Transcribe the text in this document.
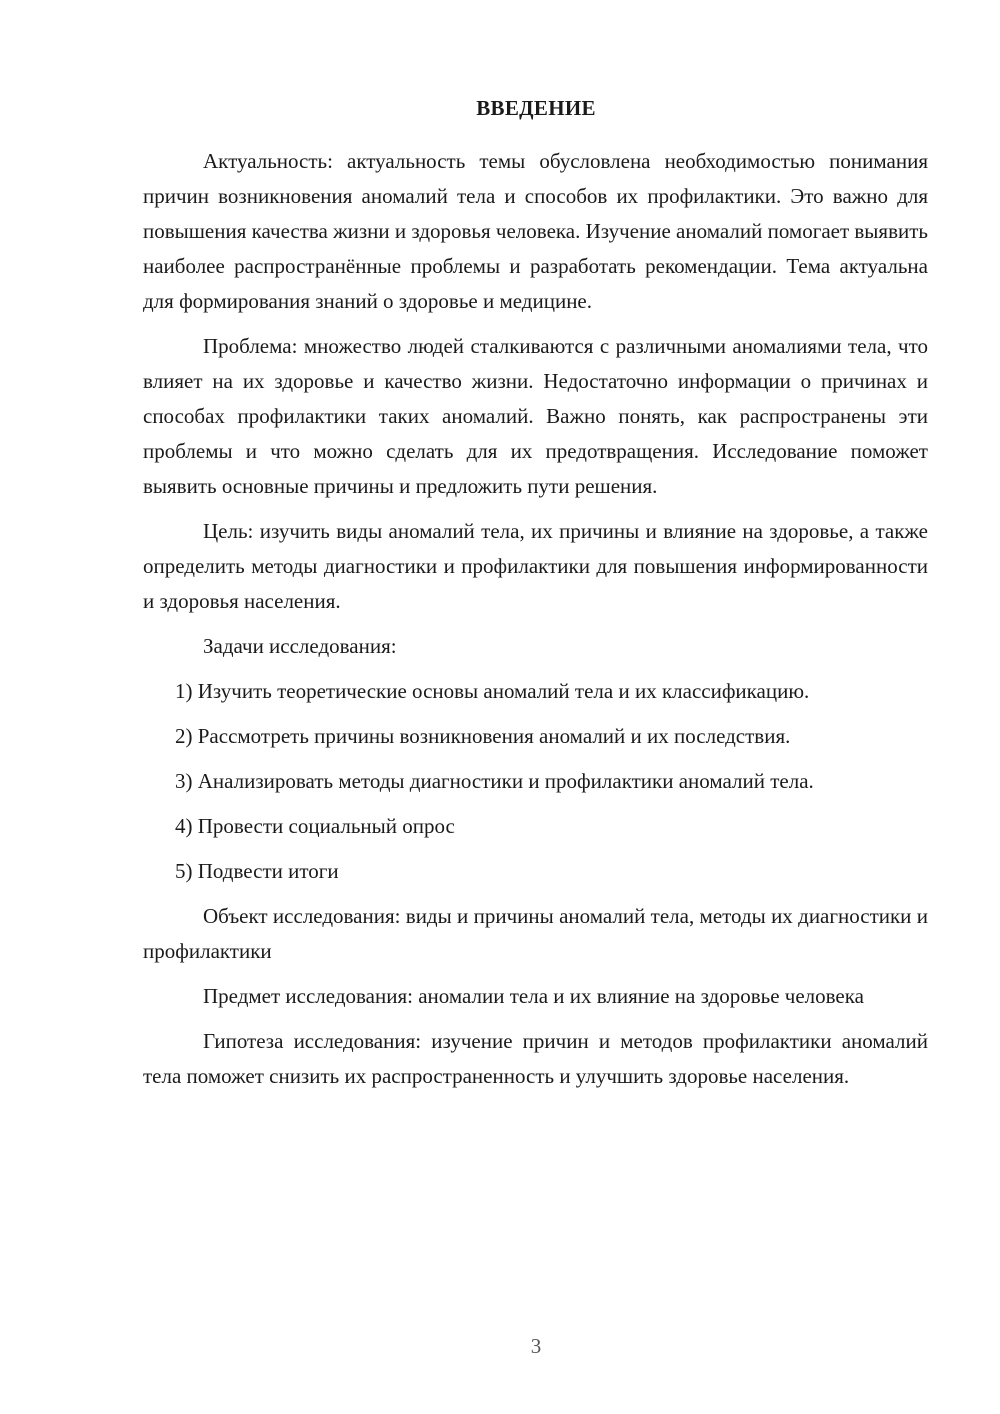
ВВЕДЕНИЕ

Актуальность: актуальность темы обусловлена необходимостью понимания причин возникновения аномалий тела и способов их профилактики. Это важно для повышения качества жизни и здоровья человека. Изучение аномалий помогает выявить наиболее распространённые проблемы и разработать рекомендации. Тема актуальна для формирования знаний о здоровье и медицине.

Проблема: множество людей сталкиваются с различными аномалиями тела, что влияет на их здоровье и качество жизни. Недостаточно информации о причинах и способах профилактики таких аномалий. Важно понять, как распространены эти проблемы и что можно сделать для их предотвращения. Исследование поможет выявить основные причины и предложить пути решения.

Цель: изучить виды аномалий тела, их причины и влияние на здоровье, а также определить методы диагностики и профилактики для повышения информированности и здоровья населения.

Задачи исследования:

1) Изучить теоретические основы аномалий тела и их классификацию.

2) Рассмотреть причины возникновения аномалий и их последствия.

3) Анализировать методы диагностики и профилактики аномалий тела.

4) Провести социальный опрос

5) Подвести итоги

Объект исследования: виды и причины аномалий тела, методы их диагностики и профилактики

Предмет исследования: аномалии тела и их влияние на здоровье человека

Гипотеза исследования: изучение причин и методов профилактики аномалий тела поможет снизить их распространенность и улучшить здоровье населения.

3
